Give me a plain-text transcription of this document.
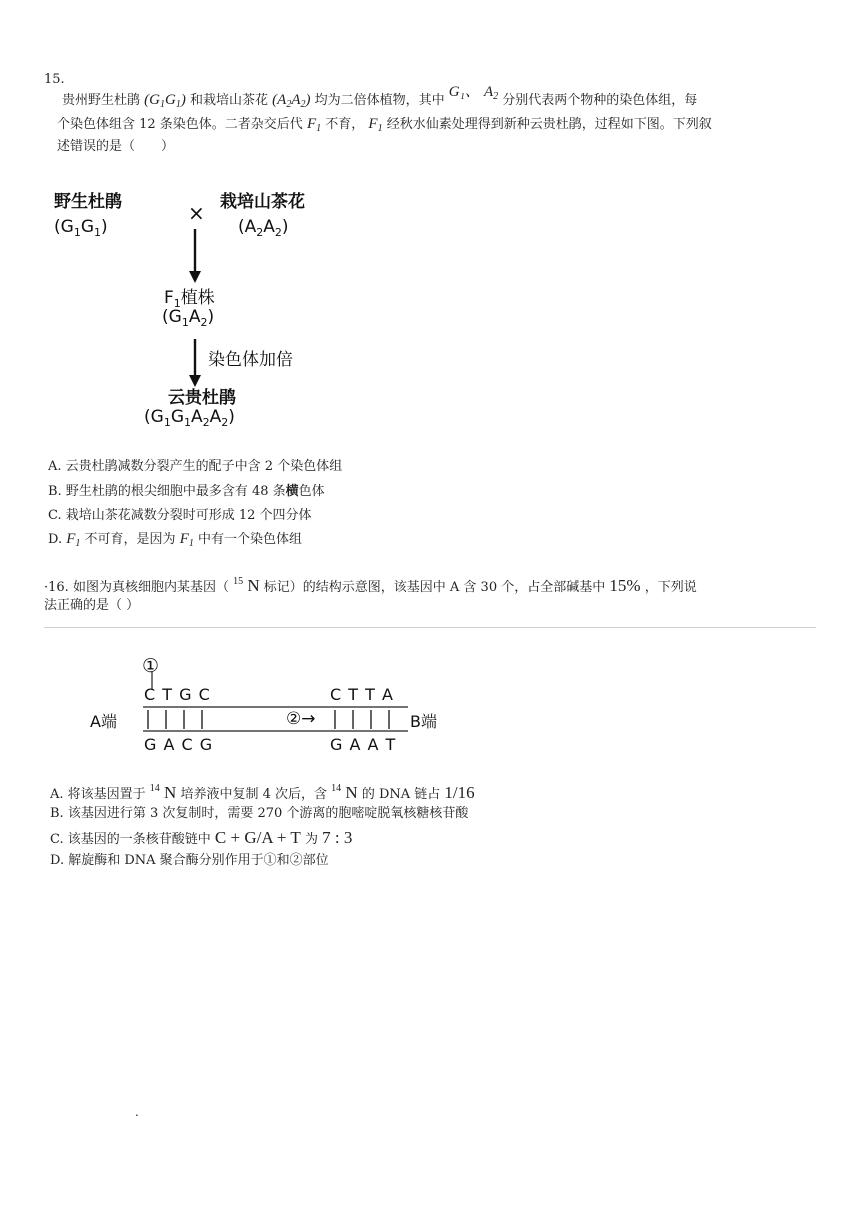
15.
贵州野生杜鹃 $(G_1G_1)$ 和栽培山茶花 $(A_2A_2)$ 均为二倍体植物，其中 G₁、 $A_2$ 分别代表两个物种的染色体组，每
个染色体组含 12 条染色体。二者杂交后代 $F_1$ 不育， $F_1$ 经秋水仙素处理得到新种云贵杜鹃，过程如下图。下列叙
述错误的是（　　）
野生杜鹃
$(G_1G_1)$
× 栽培山茶花
$(A_2A_2)$
$F_1$植株
$(G_1A_2)$
染色体加倍
云贵杜鹃
$(G_1G_1A_2A_2)$
A. 云贵杜鹃减数分裂产生的配子中含 2 个染色体组
B. 野生杜鹃的根尖细胞中最多含有 48 条横色体
C. 栽培山茶花减数分裂时可形成 12 个四分体
D. $F_1$ 不可育，是因为 $F_1$ 中有一个染色体组
·16. 如图为真核细胞内某基因（ $^{15}$ N 标记）的结构示意图，该基因中 A 含 30 个，占全部碱基中 15% ，下列说
法正确的是（ ）
①
C T G C	C T T A
A端	B端
②→
G A C G	G A A T
A. 将该基因置于 $^{14}$ N 培养液中复制 4 次后，含 $^{14}$ N 的 DNA 链占 1/16
B. 该基因进行第 3 次复制时，需要 270 个游离的胞嘧啶脱氧核糖核苷酸
C. 该基因的一条核苷酸链中 C + G/A + T 为 7 : 3
D. 解旋酶和 DNA 聚合酶分别作用于①和②部位
.
